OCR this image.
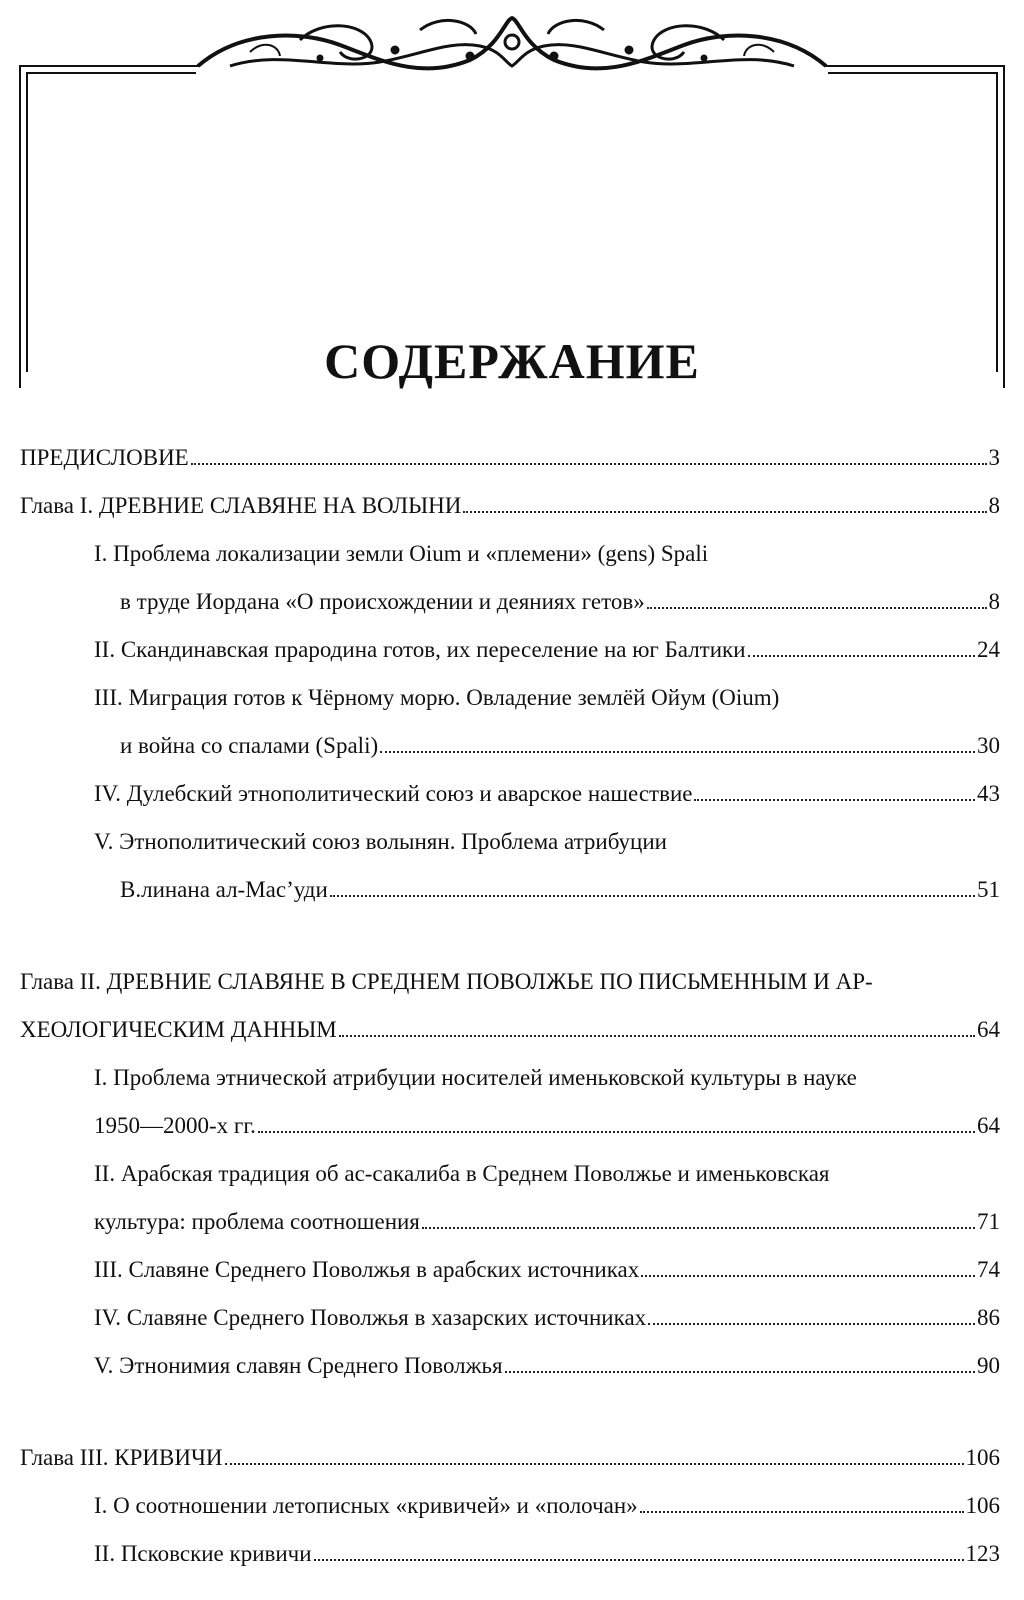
СОДЕРЖАНИЕ
ПРЕДИСЛОВИЕ	3
Глава I. ДРЕВНИЕ СЛАВЯНЕ НА ВОЛЫНИ	8
I. Проблема локализации земли Oium и «племени» (gens) Spali
в труде Иордана «О происхождении и деяниях гетов»	8
II. Скандинавская прародина готов, их переселение на юг Балтики	24
III. Миграция готов к Чёрному морю. Овладение землёй Ойум (Oium)
и война со спалами (Spali)	30
IV. Дулебский этнополитический союз и аварское нашествие	43
V. Этнополитический союз волынян. Проблема атрибуции
В.линана ал-Мас’уди	51
Глава II. ДРЕВНИЕ СЛАВЯНЕ В СРЕДНЕМ ПОВОЛЖЬЕ ПО ПИСЬМЕННЫМ И АР-
ХЕОЛОГИЧЕСКИМ ДАННЫМ	64
I. Проблема этнической атрибуции носителей именьковской культуры в науке
1950—2000-х гг.	64
II. Арабская традиция об ас-сакалиба в Среднем Поволжье и именьковская
культура: проблема соотношения	71
III. Славяне Среднего Поволжья в арабских источниках	74
IV. Славяне Среднего Поволжья в хазарских источниках	86
V. Этнонимия славян Среднего Поволжья	90
Глава III. КРИВИЧИ	106
I. О соотношении летописных «кривичей» и «полочан»	106
II. Псковские кривичи	123
